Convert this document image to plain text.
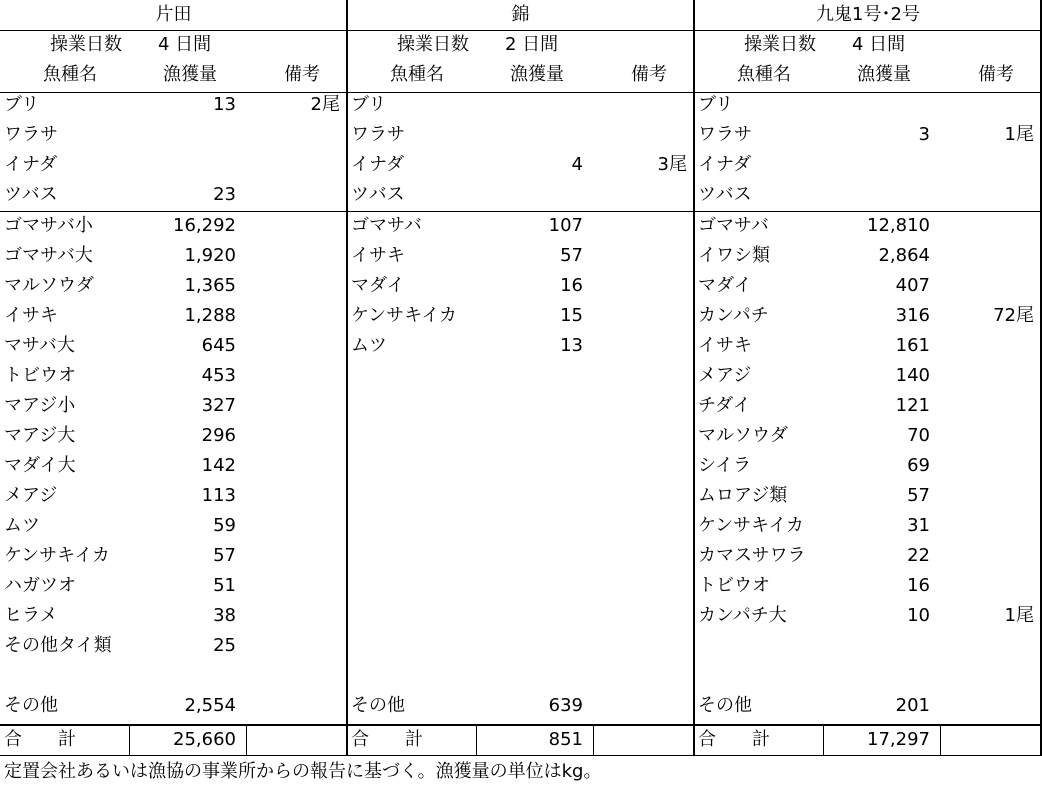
片田
操業日数	4 日間
魚種名	漁獲量	備考
ブリ	13	2尾
ワラサ
イナダ
ツバス	23
ゴマサバ小	16,292
ゴマサバ大	1,920
マルソウダ	1,365
イサキ	1,288
マサバ大	645
トビウオ	453
マアジ小	327
マアジ大	296
マダイ大	142
メアジ	113
ムツ	59
ケンサキイカ	57
ハガツオ	51
ヒラメ	38
その他タイ類	25
その他	2,554
合　　計	25,660
錦
操業日数	2 日間
魚種名	漁獲量	備考
ブリ
ワラサ
イナダ	4	3尾
ツバス
ゴマサバ	107
イサキ	57
マダイ	16
ケンサキイカ	15
ムツ	13
その他	639
合　　計	851
九鬼1号･2号
操業日数	4 日間
魚種名	漁獲量	備考
ブリ
ワラサ	3	1尾
イナダ
ツバス
ゴマサバ	12,810
イワシ類	2,864
マダイ	407
カンパチ	316	72尾
イサキ	161
メアジ	140
チダイ	121
マルソウダ	70
シイラ	69
ムロアジ類	57
ケンサキイカ	31
カマスサワラ	22
トビウオ	16
カンパチ大	10	1尾
その他	201
合　　計	17,297
定置会社あるいは漁協の事業所からの報告に基づく。漁獲量の単位はkg。
